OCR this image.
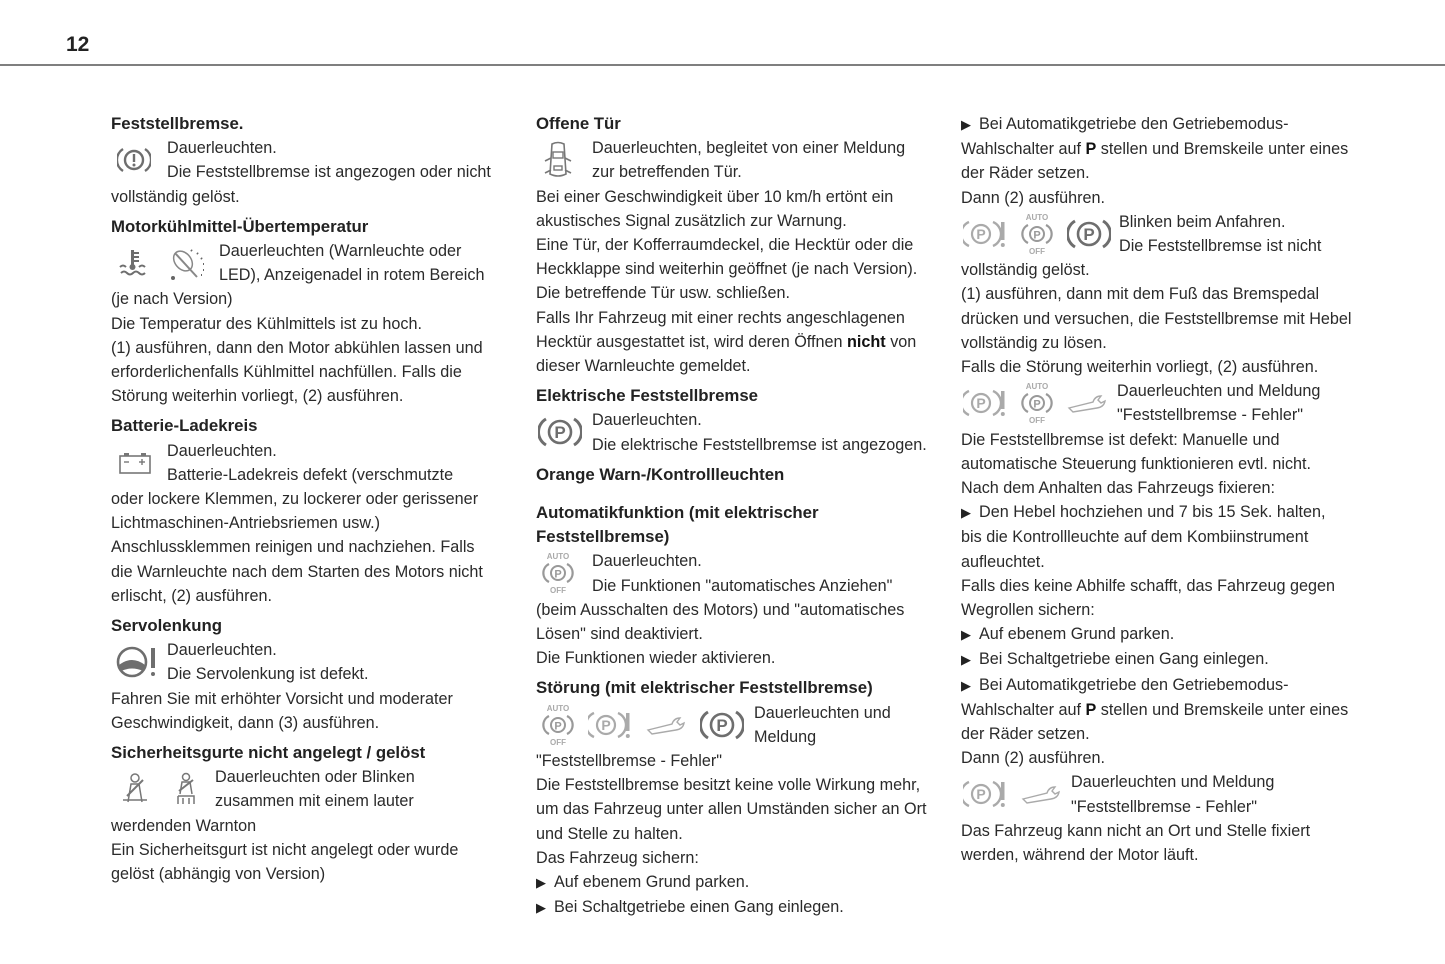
12
Feststellbremse.

Dauerleuchten.

Die Feststellbremse ist angezogen oder nicht

vollständig gelöst.

Motorkühlmittel-Übertemperatur

Dauerleuchten (Warnleuchte oder

LED), Anzeigenadel in rotem Bereich

(je nach Version)

Die Temperatur des Kühlmittels ist zu hoch.

(1) ausführen, dann den Motor abkühlen lassen und

erforderlichenfalls Kühlmittel nachfüllen. Falls die

Störung weiterhin vorliegt, (2) ausführen.

Batterie-Ladekreis

Dauerleuchten.

Batterie-Ladekreis defekt (verschmutzte

oder lockere Klemmen, zu lockerer oder gerissener

Lichtmaschinen-Antriebsriemen usw.)

Anschlussklemmen reinigen und nachziehen. Falls

die Warnleuchte nach dem Starten des Motors nicht

erlischt, (2) ausführen.

Servolenkung

Dauerleuchten.

Die Servolenkung ist defekt.

Fahren Sie mit erhöhter Vorsicht und moderater

Geschwindigkeit, dann (3) ausführen.

Sicherheitsgurte nicht angelegt / gelöst

Dauerleuchten oder Blinken

zusammen mit einem lauter

werdenden Warnton

Ein Sicherheitsgurt ist nicht angelegt oder wurde

gelöst (abhängig von Version)

Offene Tür

Dauerleuchten, begleitet von einer Meldung

zur betreffenden Tür.

Bei einer Geschwindigkeit über 10 km/h ertönt ein

akustisches Signal zusätzlich zur Warnung.

Eine Tür, der Kofferraumdeckel, die Hecktür oder die

Heckklappe sind weiterhin geöffnet (je nach Version).

Die betreffende Tür usw. schließen.

Falls Ihr Fahrzeug mit einer rechts angeschlagenen

Hecktür ausgestattet ist, wird deren Öffnen nicht von

dieser Warnleuchte gemeldet.

Elektrische Feststellbremse
P

Dauerleuchten.

Die elektrische Feststellbremse ist angezogen.

Orange Warn-/Kontrollleuchten
Automatikfunktion (mit elektrischer
Feststellbremse)
AUTO
P
OFF

Dauerleuchten.

Die Funktionen "automatisches Anziehen"

(beim Ausschalten des Motors) und "automatisches

Lösen" sind deaktiviert.

Die Funktionen wieder aktivieren.

Störung (mit elektrischer Feststellbremse)
AUTO
P
OFF
P	P

Dauerleuchten und

Meldung

"Feststellbremse - Fehler"

Die Feststellbremse besitzt keine volle Wirkung mehr,

um das Fahrzeug unter allen Umständen sicher an Ort

und Stelle zu halten.

Das Fahrzeug sichern:

▶ Auf ebenem Grund parken.

▶ Bei Schaltgetriebe einen Gang einlegen.

▶ Bei Automatikgetriebe den Getriebemodus-

Wahlschalter auf P stellen und Bremskeile unter eines

der Räder setzen.

Dann (2) ausführen.

P
AUTO
P
OFF
P

Blinken beim Anfahren.

Die Feststellbremse ist nicht

vollständig gelöst.

(1) ausführen, dann mit dem Fuß das Bremspedal

drücken und versuchen, die Feststellbremse mit Hebel

vollständig zu lösen.

Falls die Störung weiterhin vorliegt, (2) ausführen.

P
AUTO
P
OFF

Dauerleuchten und Meldung

"Feststellbremse - Fehler"

Die Feststellbremse ist defekt: Manuelle und

automatische Steuerung funktionieren evtl. nicht.

Nach dem Anhalten das Fahrzeugs fixieren:

▶ Den Hebel hochziehen und 7 bis 15 Sek. halten,

bis die Kontrollleuchte auf dem Kombiinstrument

aufleuchtet.

Falls dies keine Abhilfe schafft, das Fahrzeug gegen

Wegrollen sichern:

▶ Auf ebenem Grund parken.

▶ Bei Schaltgetriebe einen Gang einlegen.

▶ Bei Automatikgetriebe den Getriebemodus-

Wahlschalter auf P stellen und Bremskeile unter eines

der Räder setzen.

Dann (2) ausführen.

P

Dauerleuchten und Meldung

"Feststellbremse - Fehler"

Das Fahrzeug kann nicht an Ort und Stelle fixiert

werden, während der Motor läuft.
